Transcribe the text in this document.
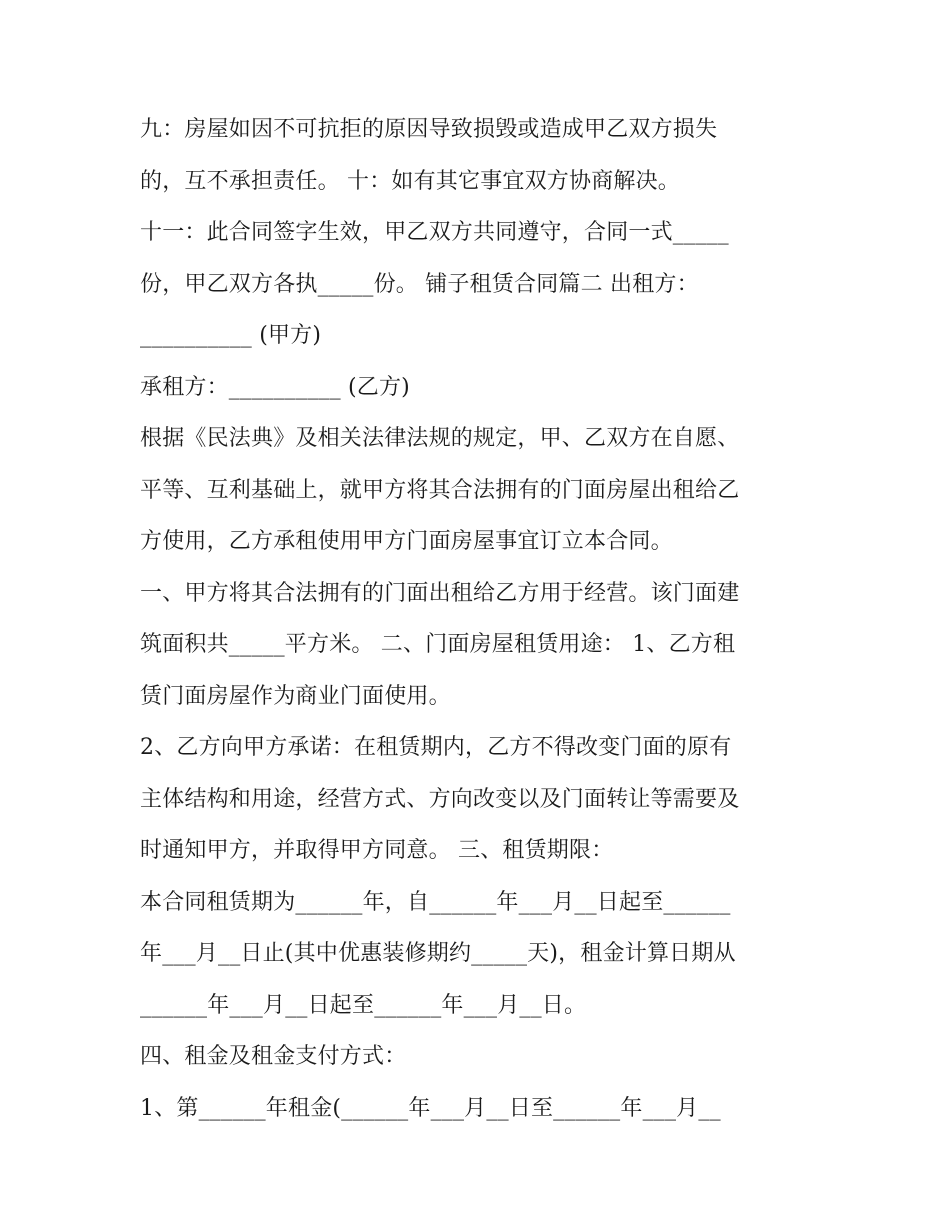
九：房屋如因不可抗拒的原因导致损毁或造成甲乙双方损失
的，互不承担责任。 十：如有其它事宜双方协商解决。
十一：此合同签字生效，甲乙双方共同遵守，合同一式_____
份，甲乙双方各执_____份。 铺子租赁合同篇二 出租方：
__________ (甲方)
承租方：__________ (乙方)
根据《民法典》及相关法律法规的规定，甲、乙双方在自愿、
平等、互利基础上，就甲方将其合法拥有的门面房屋出租给乙
方使用，乙方承租使用甲方门面房屋事宜订立本合同。
一、甲方将其合法拥有的门面出租给乙方用于经营。该门面建
筑面积共_____平方米。 二、门面房屋租赁用途： 1、乙方租
赁门面房屋作为商业门面使用。
2、乙方向甲方承诺：在租赁期内，乙方不得改变门面的原有
主体结构和用途，经营方式、方向改变以及门面转让等需要及
时通知甲方，并取得甲方同意。 三、租赁期限：
本合同租赁期为______年，自______年___月__日起至______
年___月__日止(其中优惠装修期约_____天)，租金计算日期从
______年___月__日起至______年___月__日。
四、租金及租金支付方式：
1、第______年租金(______年___月__日至______年___月__
